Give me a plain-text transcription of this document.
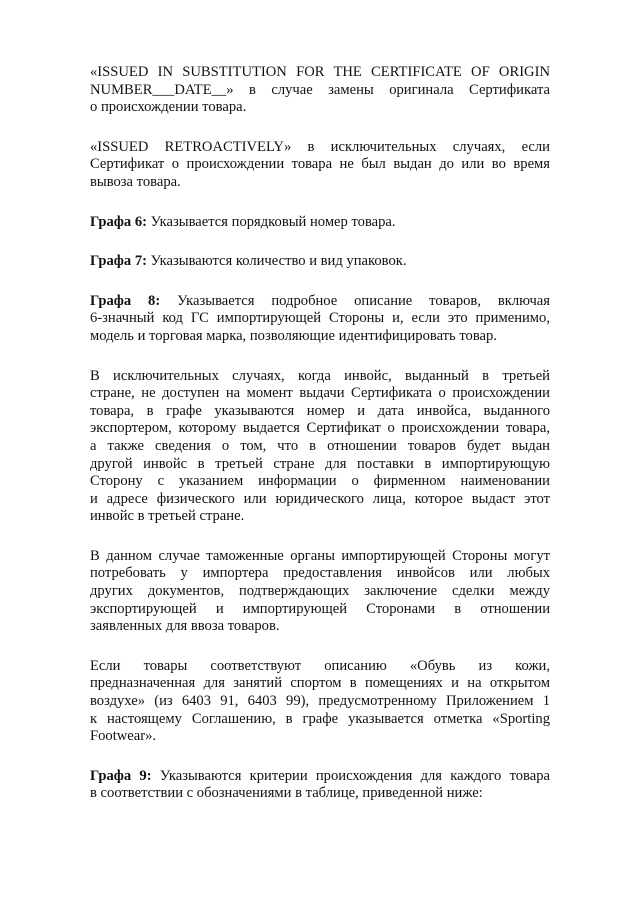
«ISSUED IN SUBSTITUTION FOR THE CERTIFICATE OF ORIGIN
NUMBER___DATE__» в случае замены оригинала Сертификата
о происхождении товара.
«ISSUED RETROACTIVELY» в исключительных случаях, если
Сертификат о происхождении товара не был выдан до или во время
вывоза товара.
Графа 6: Указывается порядковый номер товара.
Графа 7: Указываются количество и вид упаковок.
Графа 8: Указывается подробное описание товаров, включая
6-значный код ГС импортирующей Стороны и, если это применимо,
модель и торговая марка, позволяющие идентифицировать товар.
В исключительных случаях, когда инвойс, выданный в третьей
стране, не доступен на момент выдачи Сертификата о происхождении
товара, в графе указываются номер и дата инвойса, выданного
экспортером, которому выдается Сертификат о происхождении товара,
а также сведения о том, что в отношении товаров будет выдан
другой инвойс в третьей стране для поставки в импортирующую
Сторону с указанием информации о фирменном наименовании
и адресе физического или юридического лица, которое выдаст этот
инвойс в третьей стране.
В данном случае таможенные органы импортирующей Стороны могут
потребовать у импортера предоставления инвойсов или любых
других документов, подтверждающих заключение сделки между
экспортирующей и импортирующей Сторонами в отношении
заявленных для ввоза товаров.
Если товары соответствуют описанию «Обувь из кожи,
предназначенная для занятий спортом в помещениях и на открытом
воздухе» (из 6403 91, 6403 99), предусмотренному Приложением 1
к настоящему Соглашению, в графе указывается отметка «Sporting
Footwear».
Графа 9: Указываются критерии происхождения для каждого товара
в соответствии с обозначениями в таблице, приведенной ниже:
